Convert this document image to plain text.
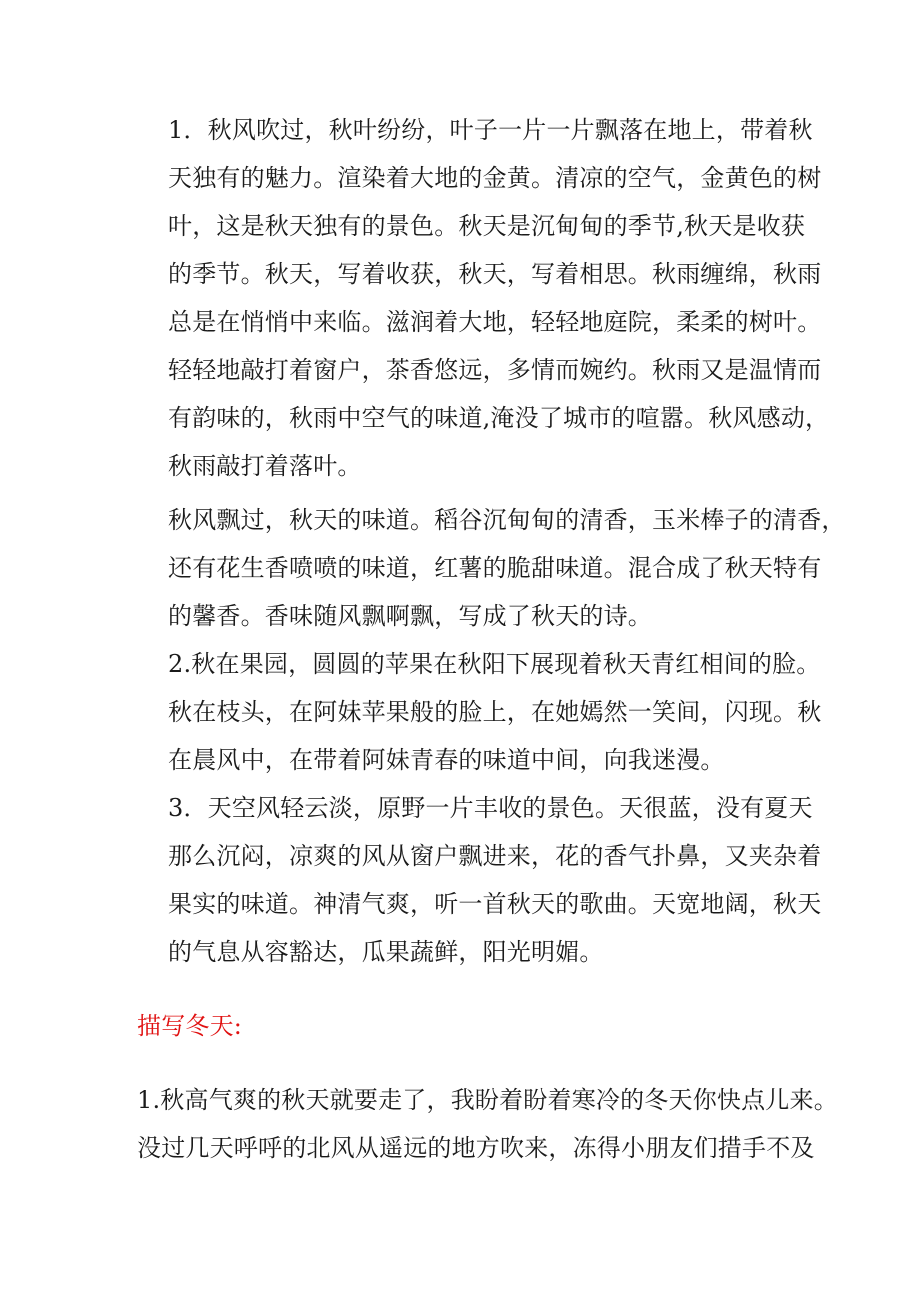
1．秋风吹过，秋叶纷纷，叶子一片一片飘落在地上，带着秋
天独有的魅力。渲染着大地的金黄。清凉的空气，金黄色的树
叶，这是秋天独有的景色。秋天是沉甸甸的季节,秋天是收获
的季节。秋天，写着收获，秋天，写着相思。秋雨缠绵，秋雨
总是在悄悄中来临。滋润着大地，轻轻地庭院，柔柔的树叶。
轻轻地敲打着窗户，茶香悠远，多情而婉约。秋雨又是温情而
有韵味的，秋雨中空气的味道,淹没了城市的喧嚣。秋风感动，
秋雨敲打着落叶。
秋风飘过，秋天的味道。稻谷沉甸甸的清香，玉米棒子的清香，
还有花生香喷喷的味道，红薯的脆甜味道。混合成了秋天特有
的馨香。香味随风飘啊飘，写成了秋天的诗。
2.秋在果园，圆圆的苹果在秋阳下展现着秋天青红相间的脸。
秋在枝头，在阿妹苹果般的脸上，在她嫣然一笑间，闪现。秋
在晨风中，在带着阿妹青春的味道中间，向我迷漫。
3．天空风轻云淡，原野一片丰收的景色。天很蓝，没有夏天
那么沉闷，凉爽的风从窗户飘进来，花的香气扑鼻，又夹杂着
果实的味道。神清气爽，听一首秋天的歌曲。天宽地阔，秋天
的气息从容豁达，瓜果蔬鲜，阳光明媚。
描写冬天:
1.秋高气爽的秋天就要走了，我盼着盼着寒冷的冬天你快点儿来。
没过几天呼呼的北风从遥远的地方吹来，冻得小朋友们措手不及
